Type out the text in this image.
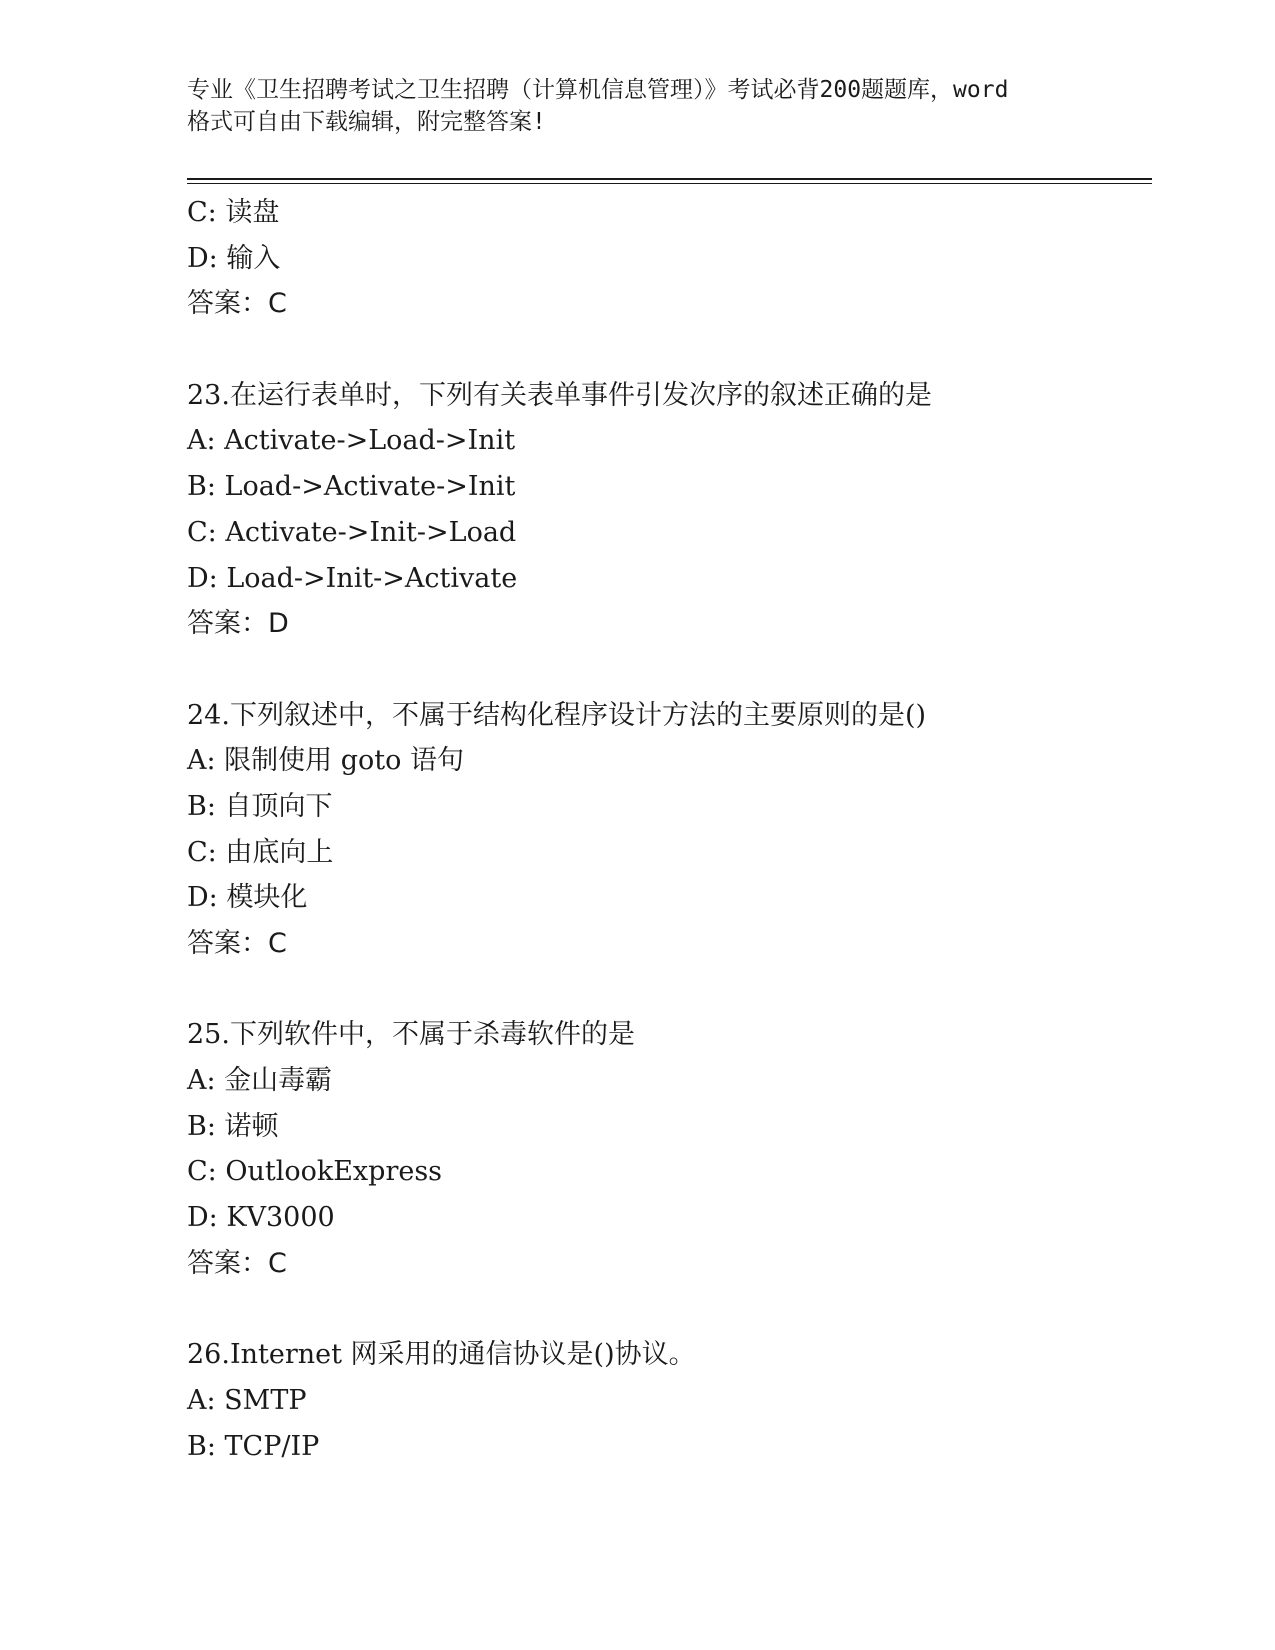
专业《卫生招聘考试之卫生招聘（计算机信息管理）》考试必背200题题库，word
格式可自由下载编辑，附完整答案!
C: 读盘
D: 输入
答案：C
23.在运行表单时，下列有关表单事件引发次序的叙述正确的是
A: Activate->Load->Init
B: Load->Activate->Init
C: Activate->Init->Load
D: Load->Init->Activate
答案：D
24.下列叙述中，不属于结构化程序设计方法的主要原则的是()
A: 限制使用 goto 语句
B: 自顶向下
C: 由底向上
D: 模块化
答案：C
25.下列软件中，不属于杀毒软件的是
A: 金山毒霸
B: 诺顿
C: OutlookExpress
D: KV3000
答案：C
26.Internet 网采用的通信协议是()协议。
A: SMTP
B: TCP/IP
